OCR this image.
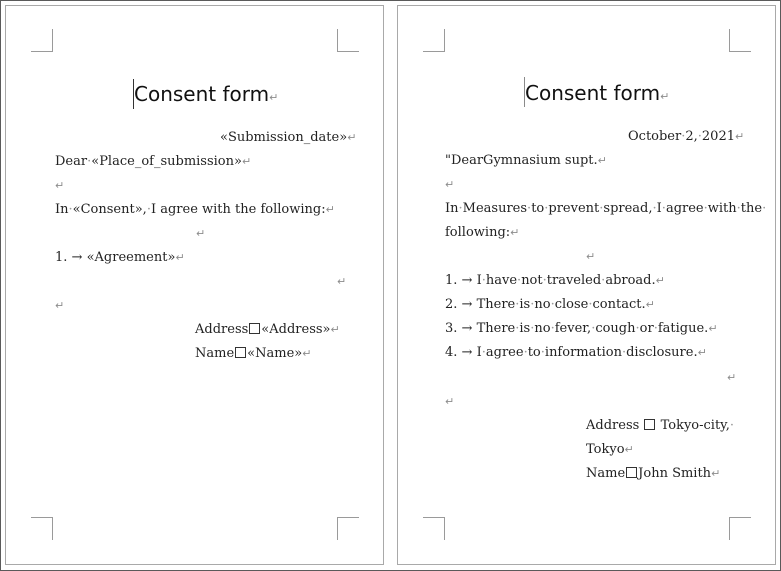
Consent form↵
«Submission_date»↵
Dear·«Place_of_submission»↵
↵
In·«Consent»,·I agree with the following:↵
↵
1. → «Agreement»↵
↵
↵
Address «Address»↵
Name «Name»↵
Consent form↵
October·2,·2021↵
"DearGymnasium supt.↵
↵
In·Measures·to·prevent·spread,·I·agree·with·the·
following:↵
↵
1. → I·have·not·traveled·abroad.↵
2. → There·is·no·close·contact.↵
3. → There·is·no·fever,·cough·or·fatigue.↵
4. → I·agree·to·information·disclosure.↵
↵
↵
Address Tokyo-city,·
Tokyo↵
Name John Smith↵
